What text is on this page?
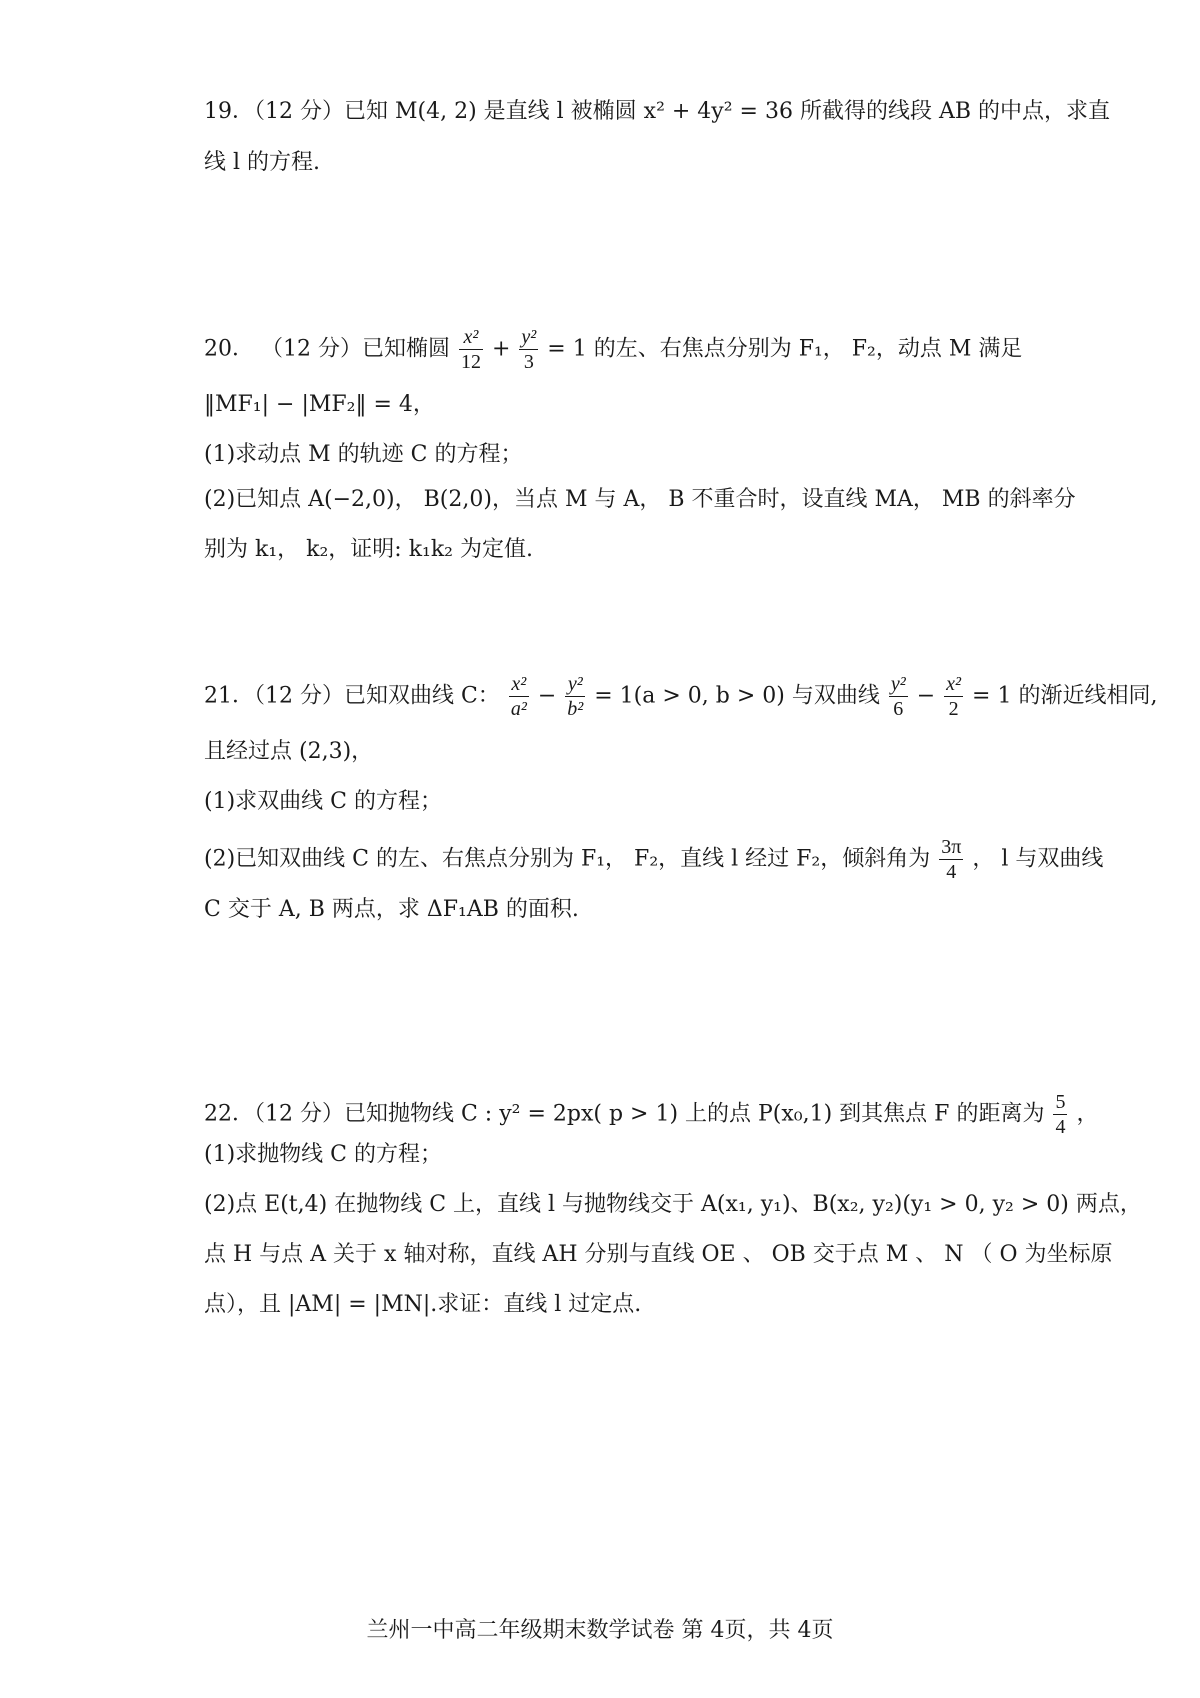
19．（12 分）已知 M(4, 2) 是直线 l 被椭圆 x² + 4y² = 36 所截得的线段 AB 的中点，求直
线 l 的方程.
20． （12 分）已知椭圆 $\frac{\text{x²}}{12} + \frac{\text{y²}}{3} = 1$ 的左、右焦点分别为 F₁， F₂，动点 M 满足
‖MF₁| − |MF₂‖ = 4，
(1)求动点 M 的轨迹 C 的方程；
(2)已知点 A(−2,0)， B(2,0)，当点 M 与 A， B 不重合时，设直线 MA， MB 的斜率分
别为 k₁， k₂，证明: k₁k₂ 为定值.
21．（12 分）已知双曲线 C： $\frac{\text{x²}}{\text{a²}} - \frac{\text{y²}}{\text{b²}} = 1(a > 0$, b > 0) 与双曲线 $\frac{\text{y²}}{6} - \frac{\text{x²}}{2} = 1$ 的渐近线相同,
且经过点 (2,3)，
(1)求双曲线 C 的方程；
(2)已知双曲线 C 的左、右焦点分别为 F₁， F₂，直线 l 经过 F₂，倾斜角为 $\frac{3\pi}{4}$ ， l 与双曲线
C 交于 A, B 两点，求 ΔF₁AB 的面积.
22．（12 分）已知抛物线 C : y² = 2px( p > 1) 上的点 P(x₀,1) 到其焦点 F 的距离为 $\frac{5}{4}$ ，
(1)求抛物线 C 的方程；
(2)点 E(t,4) 在抛物线 C 上，直线 l 与抛物线交于 A(x₁, y₁)、B(x₂, y₂)(y₁ > 0, y₂ > 0) 两点，
点 H 与点 A 关于 x 轴对称，直线 AH 分别与直线 OE 、 OB 交于点 M 、 N （ O 为坐标原
点），且 |AM| = |MN|.求证：直线 l 过定点.
兰州一中高二年级期末数学试卷 第 4页，共 4页
